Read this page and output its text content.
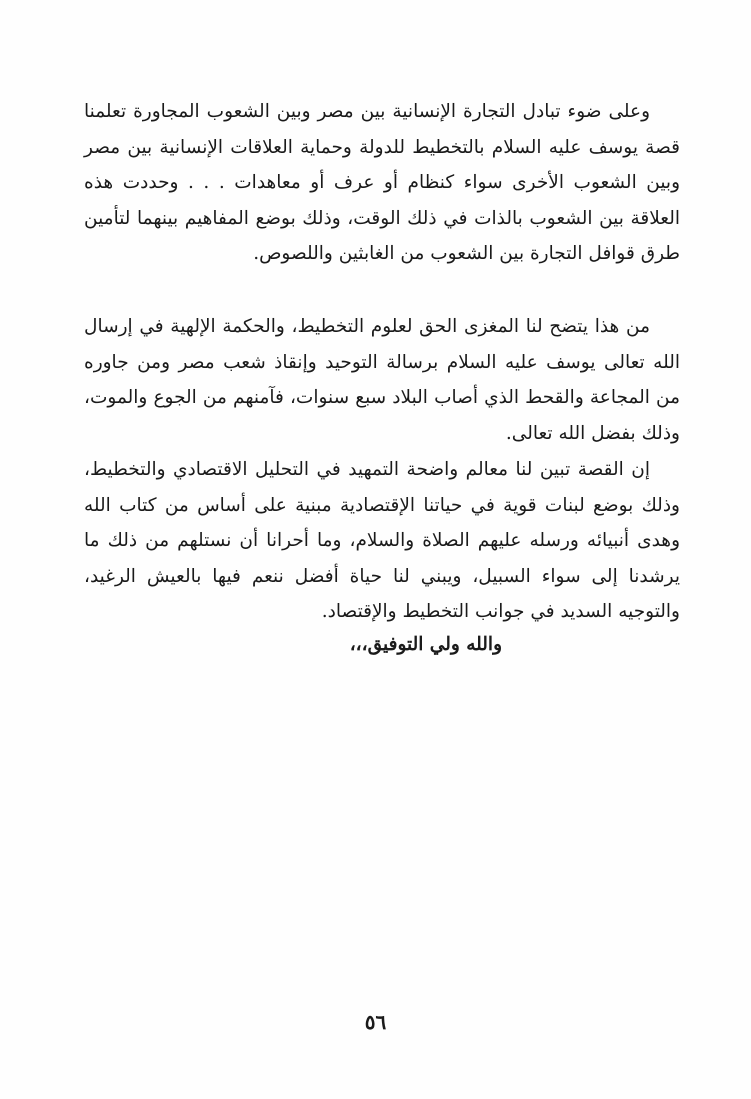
وعلى ضوء تبادل التجارة الإنسانية بين مصر وبين الشعوب المجاورة تعلمنا قصة يوسف عليه السلام بالتخطيط للدولة وحماية العلاقات الإنسانية بين مصر وبين الشعوب الأخرى سواء كنظام أو عرف أو معاهدات . . . وحددت هذه العلاقة بين الشعوب بالذات في ذلك الوقت، وذلك بوضع المفاهيم بينهما لتأمين طرق قوافل التجارة بين الشعوب من الغابثين واللصوص.

من هذا يتضح لنا المغزى الحق لعلوم التخطيط، والحكمة الإلهية في إرسال الله تعالى يوسف عليه السلام برسالة التوحيد وإنقاذ شعب مصر ومن جاوره من المجاعة والقحط الذي أصاب البلاد سبع سنوات، فآمنهم من الجوع والموت، وذلك بفضل الله تعالى.

إن القصة تبين لنا معالم واضحة التمهيد في التحليل الاقتصادي والتخطيط، وذلك بوضع لبنات قوية في حياتنا الإقتصادية مبنية على أساس من كتاب الله وهدى أنبيائه ورسله عليهم الصلاة والسلام، وما أحرانا أن نستلهم من ذلك ما يرشدنا إلى سواء السبيل، ويبني لنا حياة أفضل ننعم فيها بالعيش الرغيد، والتوجيه السديد في جوانب التخطيط والإقتصاد.

والله ولي التوفيق،،،
٥٦
